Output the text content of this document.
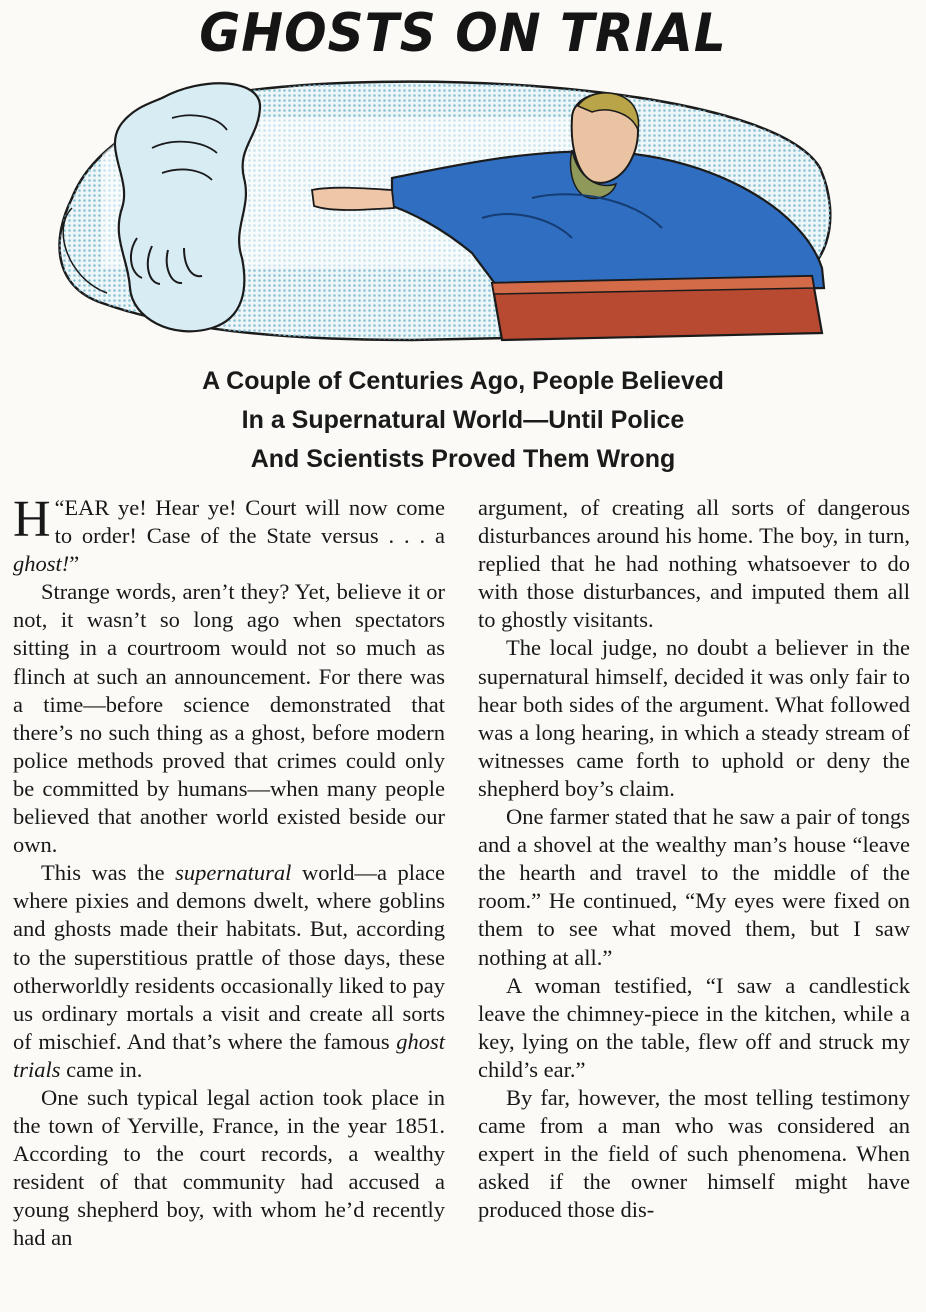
GHOSTS ON TRIAL
A Couple of Centuries Ago, People Believed
In a Supernatural World—Until Police
And Scientists Proved Them Wrong

“
H EAR ye! Hear ye! Court will now come to order! Case of the State versus . . . a ghost!”

Strange words, aren’t they? Yet, believe it or not, it wasn’t so long ago when spectators sitting in a courtroom would not so much as flinch at such an announcement. For there was a time—before science demonstrated that there’s no such thing as a ghost, before modern police methods proved that crimes could only be committed by humans—when many people believed that another world existed beside our own.

This was the supernatural world—a place where pixies and demons dwelt, where goblins and ghosts made their habitats. But, according to the superstitious prattle of those days, these otherworldly residents occasionally liked to pay us ordinary mortals a visit and create all sorts of mischief. And that’s where the famous ghost trials came in.

One such typical legal action took place in the town of Yerville, France, in the year 1851. According to the court records, a wealthy resident of that community had accused a young shepherd boy, with whom he’d recently had an

argument, of creating all sorts of dangerous disturbances around his home. The boy, in turn, replied that he had nothing whatsoever to do with those disturbances, and imputed them all to ghostly visitants.

The local judge, no doubt a believer in the supernatural himself, decided it was only fair to hear both sides of the argument. What followed was a long hearing, in which a steady stream of witnesses came forth to uphold or deny the shepherd boy’s claim.

One farmer stated that he saw a pair of tongs and a shovel at the wealthy man’s house “leave the hearth and travel to the middle of the room.” He continued, “My eyes were fixed on them to see what moved them, but I saw nothing at all.”

A woman testified, “I saw a candlestick leave the chimney-piece in the kitchen, while a key, lying on the table, flew off and struck my child’s ear.”

By far, however, the most telling testimony came from a man who was considered an expert in the field of such phenomena. When asked if the owner himself might have produced those dis-
